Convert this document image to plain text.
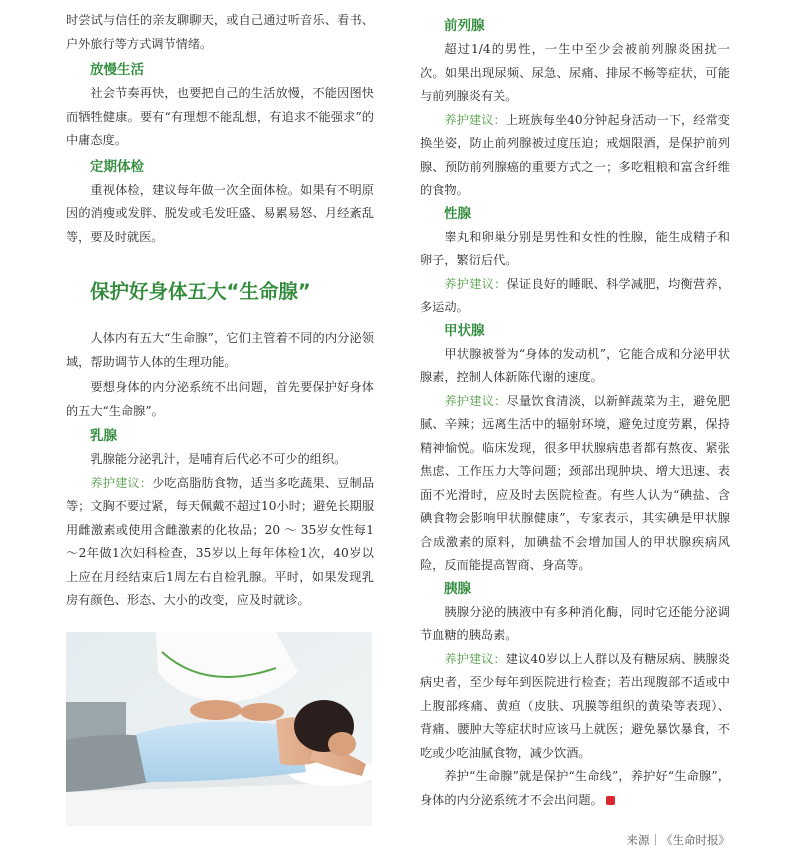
时尝试与信任的亲友聊聊天，或自己通过听音乐、看书、户外旅行等方式调节情绪。

放慢生活

社会节奏再快，也要把自己的生活放慢，不能因图快而牺牲健康。要有“有理想不能乱想，有追求不能强求”的中庸态度。

定期体检

重视体检，建议每年做一次全面体检。如果有不明原因的消瘦或发胖、脱发或毛发旺盛、易累易怒、月经紊乱等，要及时就医。

保护好身体五大“生命腺”

人体内有五大“生命腺”，它们主管着不同的内分泌领域，帮助调节人体的生理功能。

要想身体的内分泌系统不出问题，首先要保护好身体的五大“生命腺”。

乳腺

乳腺能分泌乳汁，是哺育后代必不可少的组织。

养护建议：少吃高脂肪食物，适当多吃蔬果、豆制品等；文胸不要过紧，每天佩戴不超过10小时；避免长期服用雌激素或使用含雌激素的化妆品；20 ～ 35岁女性每1～2年做1次妇科检查，35岁以上每年体检1次，40岁以上应在月经结束后1周左右自检乳腺。平时，如果发现乳房有颜色、形态、大小的改变，应及时就诊。

前列腺

超过1/4的男性，一生中至少会被前列腺炎困扰一次。如果出现尿频、尿急、尿痛、排尿不畅等症状，可能与前列腺炎有关。

养护建议：上班族每坐40分钟起身活动一下，经常变换坐姿，防止前列腺被过度压迫；戒烟限酒，是保护前列腺、预防前列腺癌的重要方式之一；多吃粗粮和富含纤维的食物。

性腺

睾丸和卵巢分别是男性和女性的性腺，能生成精子和卵子，繁衍后代。

养护建议：保证良好的睡眠、科学减肥，均衡营养，多运动。

甲状腺

甲状腺被誉为“身体的发动机”，它能合成和分泌甲状腺素，控制人体新陈代谢的速度。

养护建议：尽量饮食清淡，以新鲜蔬菜为主，避免肥腻、辛辣；远离生活中的辐射环境，避免过度劳累，保持精神愉悦。临床发现，很多甲状腺病患者都有熬夜、紧张焦虑、工作压力大等问题；颈部出现肿块、增大迅速、表面不光滑时，应及时去医院检查。有些人认为“碘盐、含碘食物会影响甲状腺健康”，专家表示，其实碘是甲状腺合成激素的原料，加碘盐不会增加国人的甲状腺疾病风险，反而能提高智商、身高等。

胰腺

胰腺分泌的胰液中有多种消化酶，同时它还能分泌调节血糖的胰岛素。

养护建议：建议40岁以上人群以及有糖尿病、胰腺炎病史者，至少每年到医院进行检查；若出现腹部不适或中上腹部疼痛、黄疸（皮肤、巩膜等组织的黄染等表现）、背痛、腰肿大等症状时应该马上就医；避免暴饮暴食，不吃或少吃油腻食物，减少饮酒。

养护“生命腺”就是保护“生命线”，养护好“生命腺”，身体的内分泌系统才不会出问题。

来源｜《生命时报》
